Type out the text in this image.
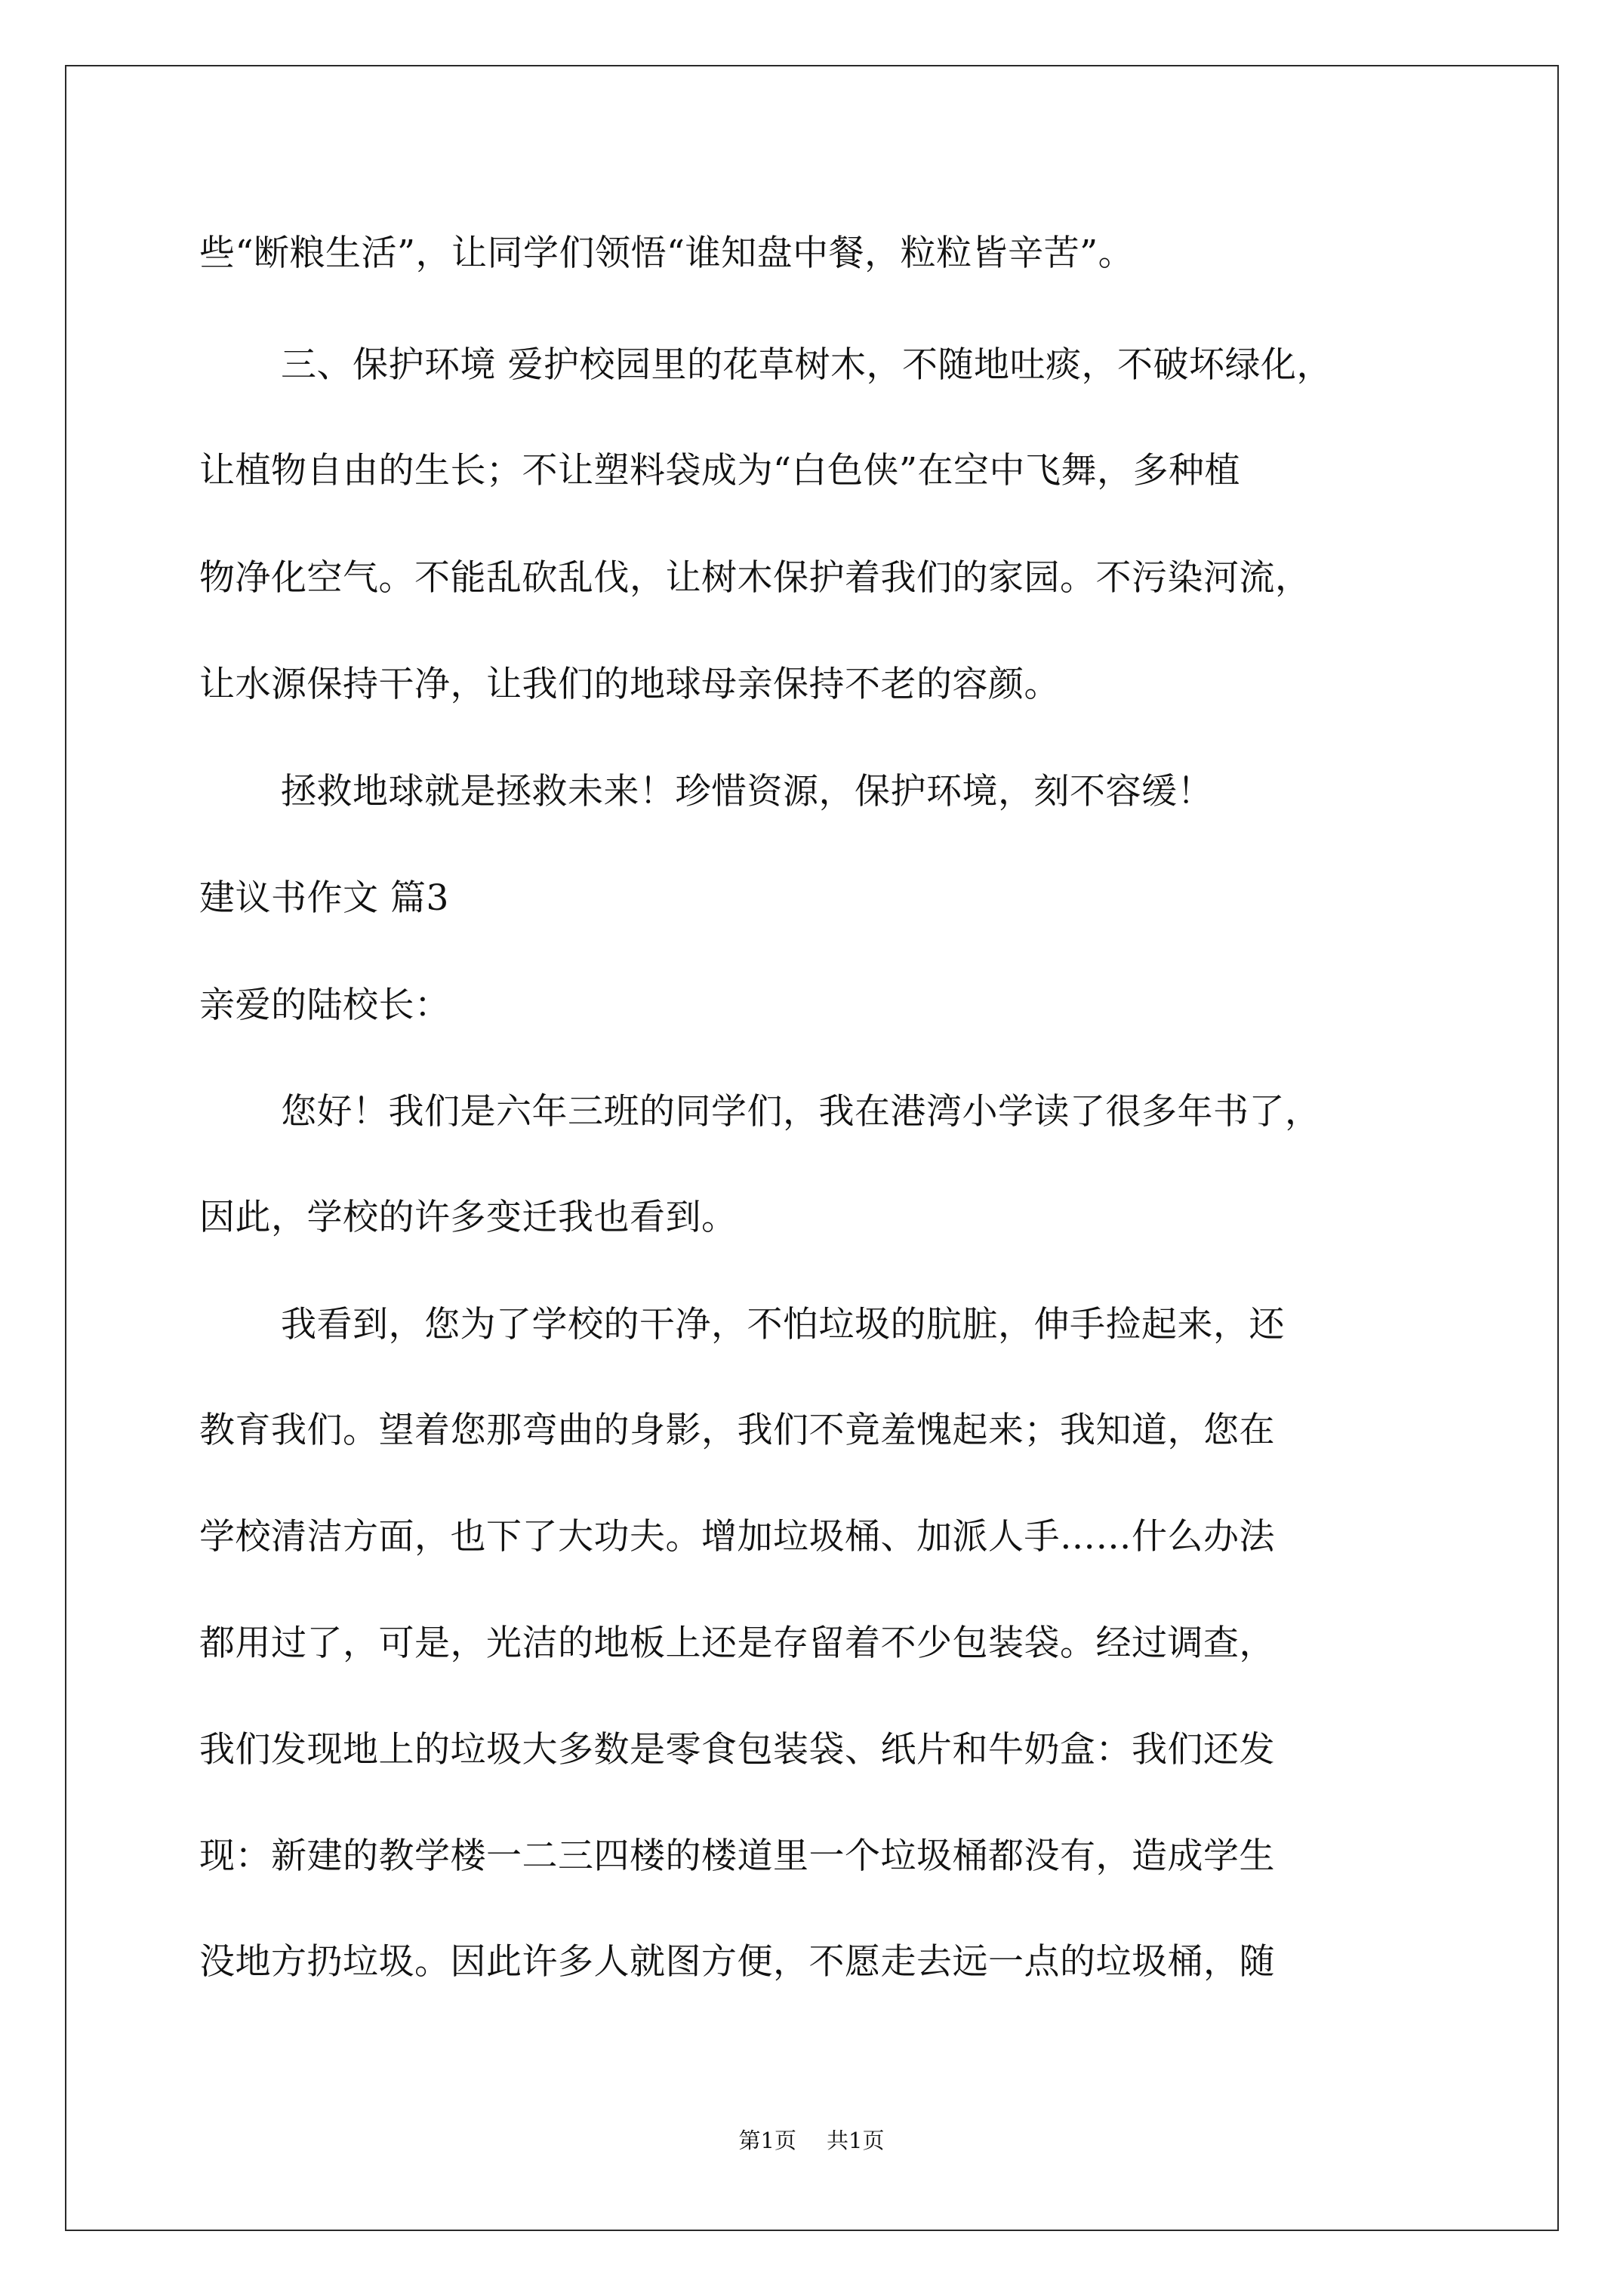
些“断粮生活”，让同学们领悟“谁知盘中餐，粒粒皆辛苦”。
三、保护环境 爱护校园里的花草树木，不随地吐痰，不破坏绿化，
让植物自由的生长；不让塑料袋成为“白色侠”在空中飞舞，多种植
物净化空气。不能乱砍乱伐，让树木保护着我们的家园。不污染河流，
让水源保持干净，让我们的地球母亲保持不老的容颜。
拯救地球就是拯救未来！珍惜资源，保护环境，刻不容缓！
建议书作文 篇3
亲爱的陆校长：
您好！我们是六年三班的同学们，我在港湾小学读了很多年书了，
因此，学校的许多变迁我也看到。
我看到，您为了学校的干净，不怕垃圾的肮脏，伸手捡起来，还
教育我们。望着您那弯曲的身影，我们不竟羞愧起来；我知道，您在
学校清洁方面，也下了大功夫。增加垃圾桶、加派人手……什么办法
都用过了，可是，光洁的地板上还是存留着不少包装袋。经过调查，
我们发现地上的垃圾大多数是零食包装袋、纸片和牛奶盒：我们还发
现：新建的教学楼一二三四楼的楼道里一个垃圾桶都没有，造成学生
没地方扔垃圾。因此许多人就图方便，不愿走去远一点的垃圾桶，随
第1页 共1页
